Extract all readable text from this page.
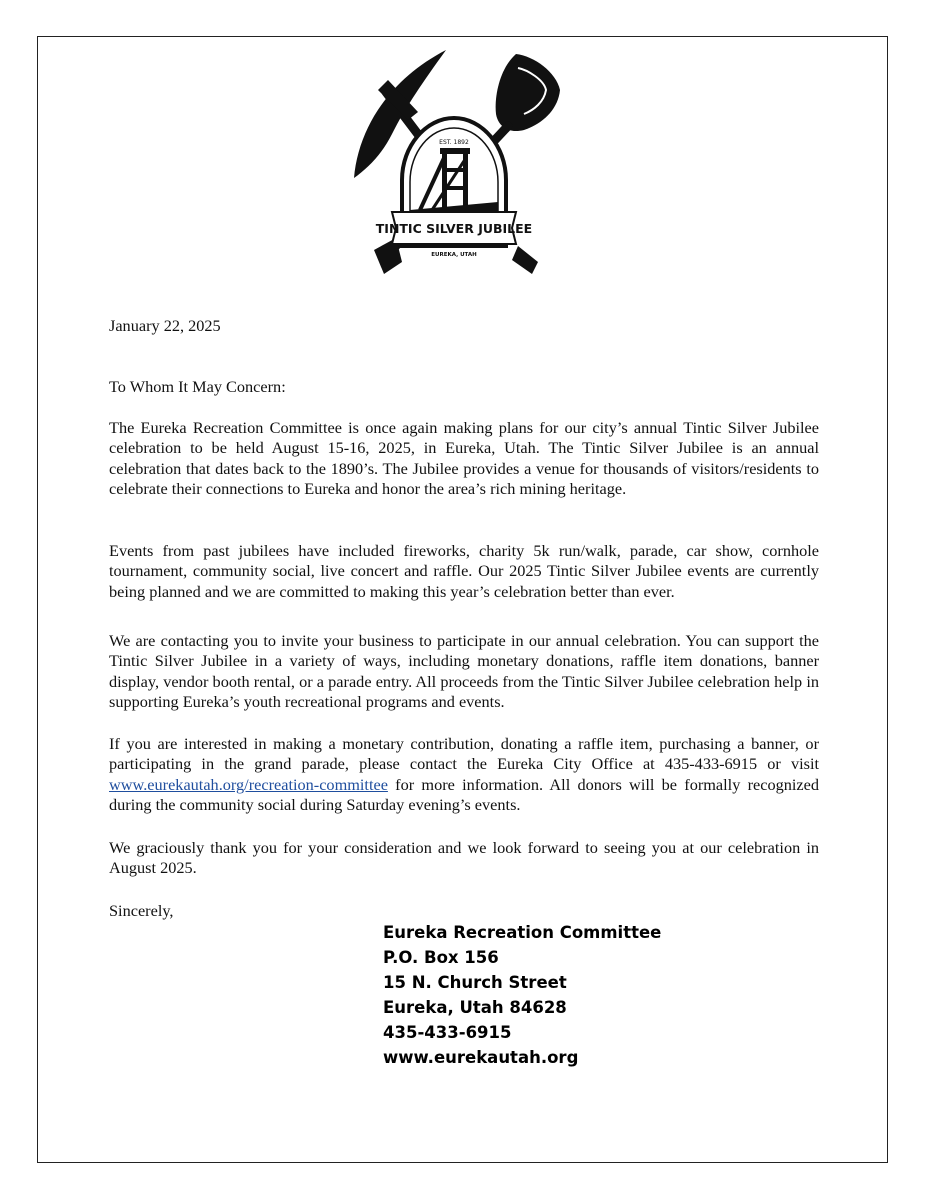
EST. 1892
TINTIC SILVER JUBILEE
EUREKA, UTAH

January 22, 2025

To Whom It May Concern:

The Eureka Recreation Committee is once again making plans for our city’s annual Tintic Silver Jubilee celebration to be held August 15-16, 2025, in Eureka, Utah. The Tintic Silver Jubilee is an annual celebration that dates back to the 1890’s. The Jubilee provides a venue for thousands of visitors/residents to celebrate their connections to Eureka and honor the area’s rich mining heritage.

Events from past jubilees have included fireworks, charity 5k run/walk, parade, car show, cornhole tournament, community social, live concert and raffle. Our 2025 Tintic Silver Jubilee events are currently being planned and we are committed to making this year’s celebration better than ever.

We are contacting you to invite your business to participate in our annual celebration. You can support the Tintic Silver Jubilee in a variety of ways, including monetary donations, raffle item donations, banner display, vendor booth rental, or a parade entry. All proceeds from the Tintic Silver Jubilee celebration help in supporting Eureka’s youth recreational programs and events.

If you are interested in making a monetary contribution, donating a raffle item, purchasing a banner, or participating in the grand parade, please contact the Eureka City Office at 435-433-6915 or visit www.eurekautah.org/recreation-committee for more information. All donors will be formally recognized during the community social during Saturday evening’s events.

We graciously thank you for your consideration and we look forward to seeing you at our celebration in August 2025.

Sincerely,

Eureka Recreation Committee
P.O. Box 156
15 N. Church Street
Eureka, Utah 84628
435-433-6915
www.eurekautah.org
